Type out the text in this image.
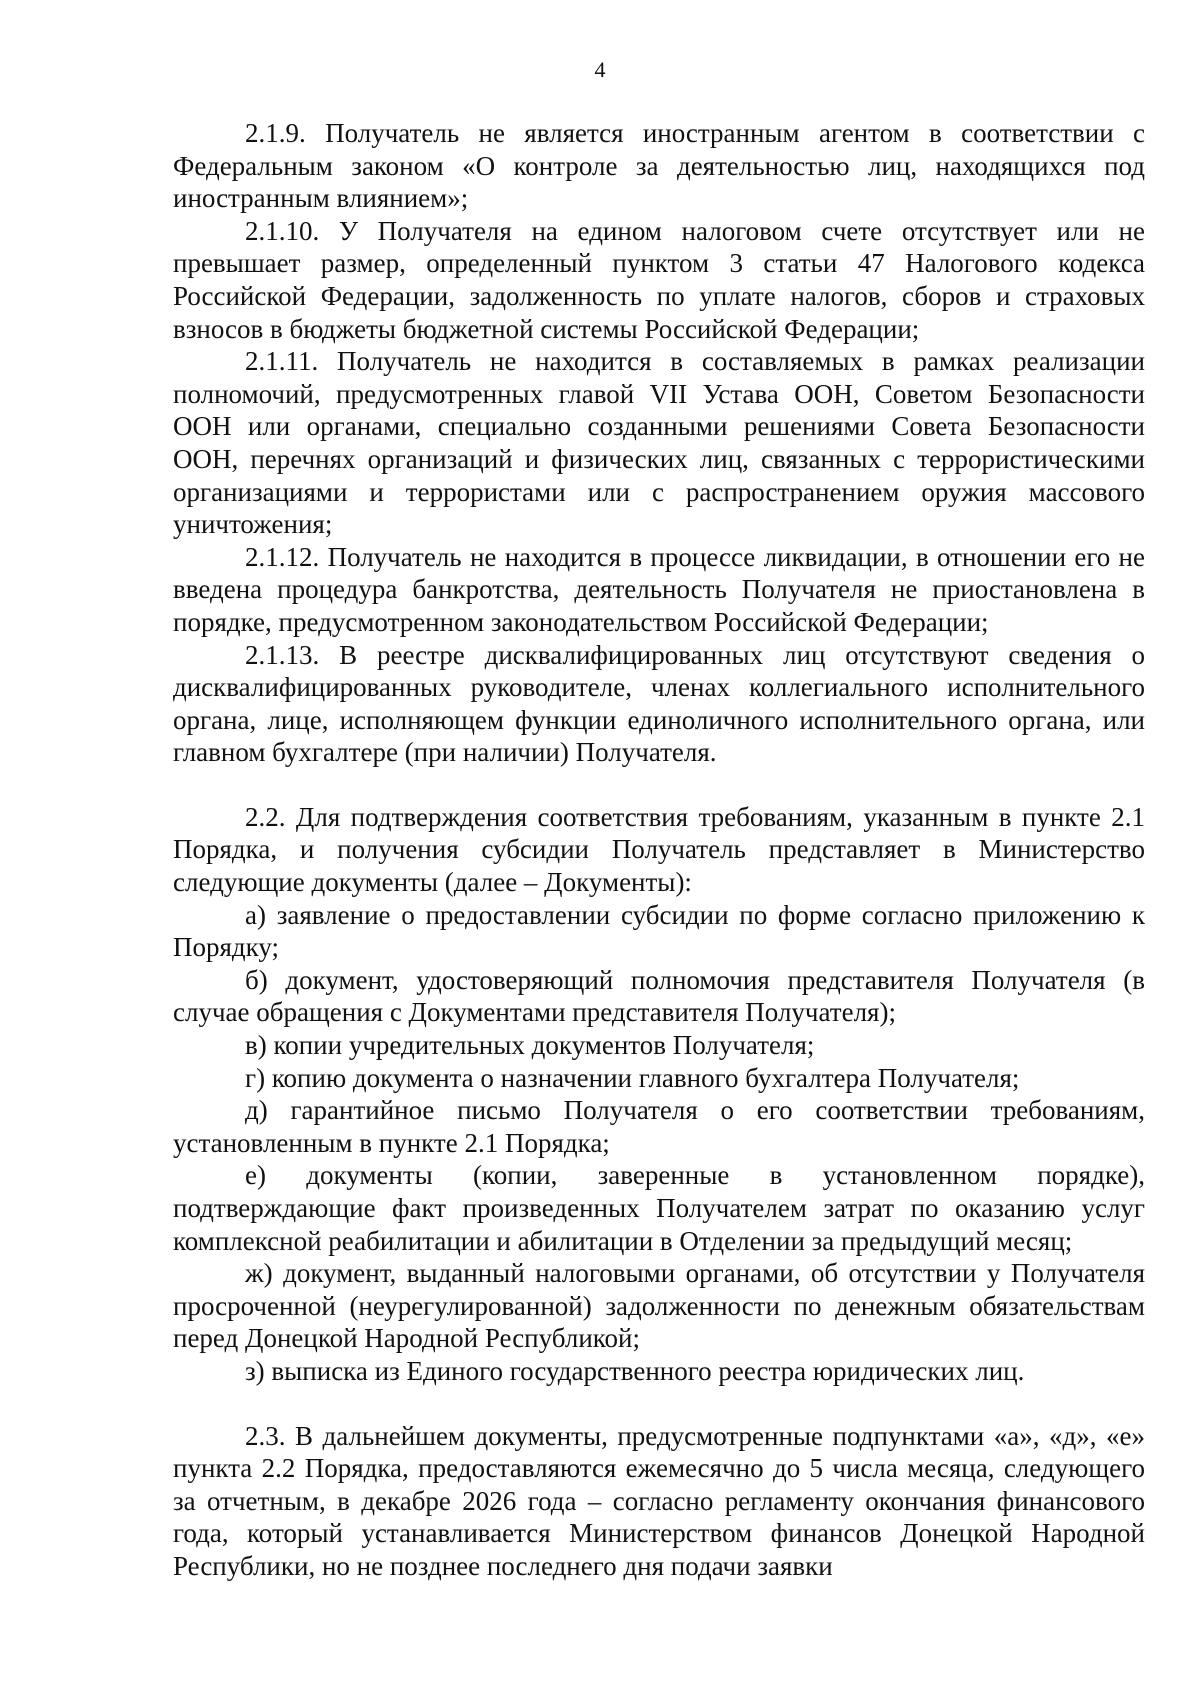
4

2.1.9. Получатель не является иностранным агентом в соответствии с Федеральным законом «О контроле за деятельностью лиц, находящихся под иностранным влиянием»;

2.1.10. У Получателя на едином налоговом счете отсутствует или не превышает размер, определенный пунктом 3 статьи 47 Налогового кодекса Российской Федерации, задолженность по уплате налогов, сборов и страховых взносов в бюджеты бюджетной системы Российской Федерации;

2.1.11. Получатель не находится в составляемых в рамках реализации полномочий, предусмотренных главой VII Устава ООН, Советом Безопасности ООН или органами, специально созданными решениями Совета Безопасности ООН, перечнях организаций и физических лиц, связанных с террористическими организациями и террористами или с распространением оружия массового уничтожения;

2.1.12. Получатель не находится в процессе ликвидации, в отношении его не введена процедура банкротства, деятельность Получателя не приостановлена в порядке, предусмотренном законодательством Российской Федерации;

2.1.13. В реестре дисквалифицированных лиц отсутствуют сведения о дисквалифицированных руководителе, членах коллегиального исполнительного органа, лице, исполняющем функции единоличного исполнительного органа, или главном бухгалтере (при наличии) Получателя.

2.2. Для подтверждения соответствия требованиям, указанным в пункте 2.1 Порядка, и получения субсидии Получатель представляет в Министерство следующие документы (далее – Документы):

а) заявление о предоставлении субсидии по форме согласно приложению к Порядку;

б) документ, удостоверяющий полномочия представителя Получателя (в случае обращения с Документами представителя Получателя);

в) копии учредительных документов Получателя;

г) копию документа о назначении главного бухгалтера Получателя;

д) гарантийное письмо Получателя о его соответствии требованиям, установленным в пункте 2.1 Порядка;

е) документы (копии, заверенные в установленном порядке), подтверждающие факт произведенных Получателем затрат по оказанию услуг комплексной реабилитации и абилитации в Отделении за предыдущий месяц;

ж) документ, выданный налоговыми органами, об отсутствии у Получателя просроченной (неурегулированной) задолженности по денежным обязательствам перед Донецкой Народной Республикой;

з) выписка из Единого государственного реестра юридических лиц.

2.3. В дальнейшем документы, предусмотренные подпунктами «а», «д», «е» пункта 2.2 Порядка, предоставляются ежемесячно до 5 числа месяца, следующего за отчетным, в декабре 2026 года – согласно регламенту окончания финансового года, который устанавливается Министерством финансов Донецкой Народной Республики, но не позднее последнего дня подачи заявки
